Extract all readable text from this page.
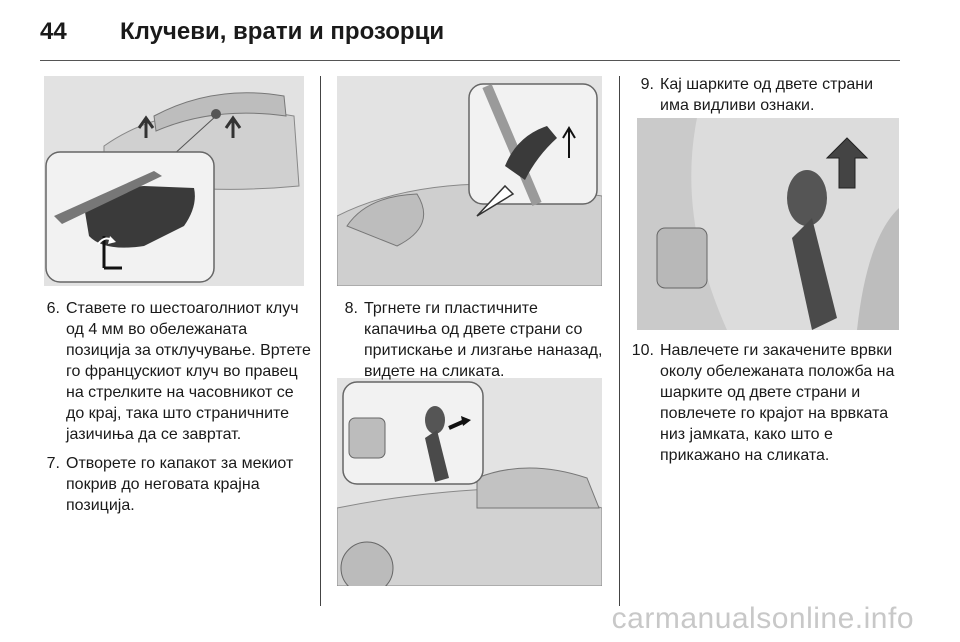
44	Клучеви, врати и прозорци
6. Ставете го шестоаголниот клуч од 4 мм во обележаната позиција за отклучување. Вртете го францускиот клуч во правец на стрелките на часовникот се до крај, така што страничните јазичиња да се завртат.
7. Отворете го капакот за мекиот покрив до неговата крајна позиција.
8. Тргнете ги пластичните капачиња од двете страни со притискање и лизгање наназад, видете на сликата.
9. Кај шарките од двете страни има видливи ознаки.
10. Навлечете ги закачените врвки околу обележаната положба на шарките од двете страни и повлечете го крајот на врвката низ јамката, како што е прикажано на сликата.
carmanualsonline.info
